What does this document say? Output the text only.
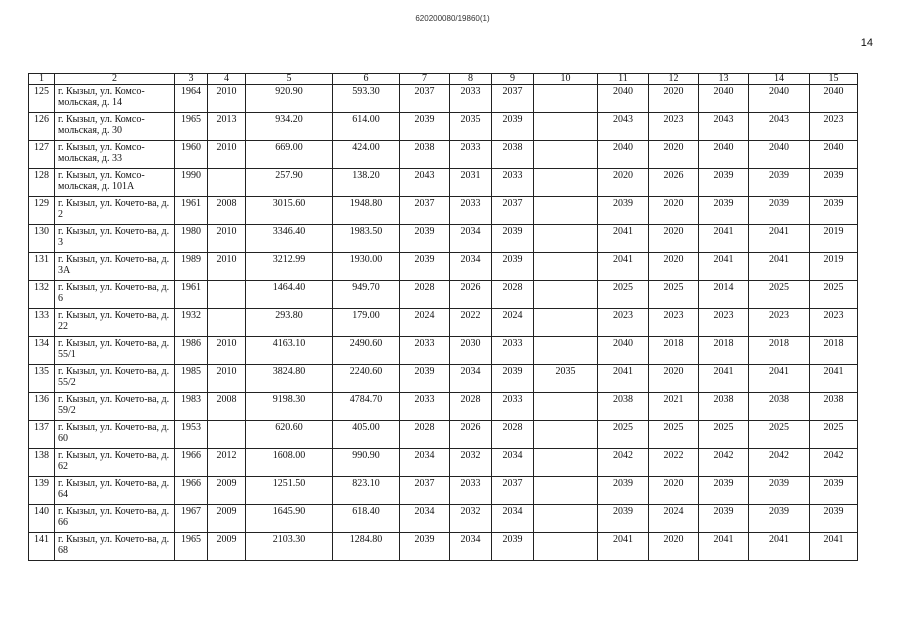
620200080/19860(1)
14
1	2	3	4	5	6	7	8	9	10	11	12	13	14	15
125	г. Кызыл, ул. Комсо-мольская, д. 14	1964	2010	920.90	593.30	2037	2033	2037		2040	2020	2040	2040	2040
126	г. Кызыл, ул. Комсо-мольская, д. 30	1965	2013	934.20	614.00	2039	2035	2039		2043	2023	2043	2043	2023
127	г. Кызыл, ул. Комсо-мольская, д. 33	1960	2010	669.00	424.00	2038	2033	2038		2040	2020	2040	2040	2040
128	г. Кызыл, ул. Комсо-мольская, д. 101А	1990		257.90	138.20	2043	2031	2033		2020	2026	2039	2039	2039
129	г. Кызыл, ул. Кочето-ва, д. 2	1961	2008	3015.60	1948.80	2037	2033	2037		2039	2020	2039	2039	2039
130	г. Кызыл, ул. Кочето-ва, д. 3	1980	2010	3346.40	1983.50	2039	2034	2039		2041	2020	2041	2041	2019
131	г. Кызыл, ул. Кочето-ва, д. 3А	1989	2010	3212.99	1930.00	2039	2034	2039		2041	2020	2041	2041	2019
132	г. Кызыл, ул. Кочето-ва, д. 6	1961		1464.40	949.70	2028	2026	2028		2025	2025	2014	2025	2025
133	г. Кызыл, ул. Кочето-ва, д. 22	1932		293.80	179.00	2024	2022	2024		2023	2023	2023	2023	2023
134	г. Кызыл, ул. Кочето-ва, д. 55/1	1986	2010	4163.10	2490.60	2033	2030	2033		2040	2018	2018	2018	2018
135	г. Кызыл, ул. Кочето-ва, д. 55/2	1985	2010	3824.80	2240.60	2039	2034	2039	2035	2041	2020	2041	2041	2041
136	г. Кызыл, ул. Кочето-ва, д. 59/2	1983	2008	9198.30	4784.70	2033	2028	2033		2038	2021	2038	2038	2038
137	г. Кызыл, ул. Кочето-ва, д. 60	1953		620.60	405.00	2028	2026	2028		2025	2025	2025	2025	2025
138	г. Кызыл, ул. Кочето-ва, д. 62	1966	2012	1608.00	990.90	2034	2032	2034		2042	2022	2042	2042	2042
139	г. Кызыл, ул. Кочето-ва, д. 64	1966	2009	1251.50	823.10	2037	2033	2037		2039	2020	2039	2039	2039
140	г. Кызыл, ул. Кочето-ва, д. 66	1967	2009	1645.90	618.40	2034	2032	2034		2039	2024	2039	2039	2039
141	г. Кызыл, ул. Кочето-ва, д. 68	1965	2009	2103.30	1284.80	2039	2034	2039		2041	2020	2041	2041	2041
